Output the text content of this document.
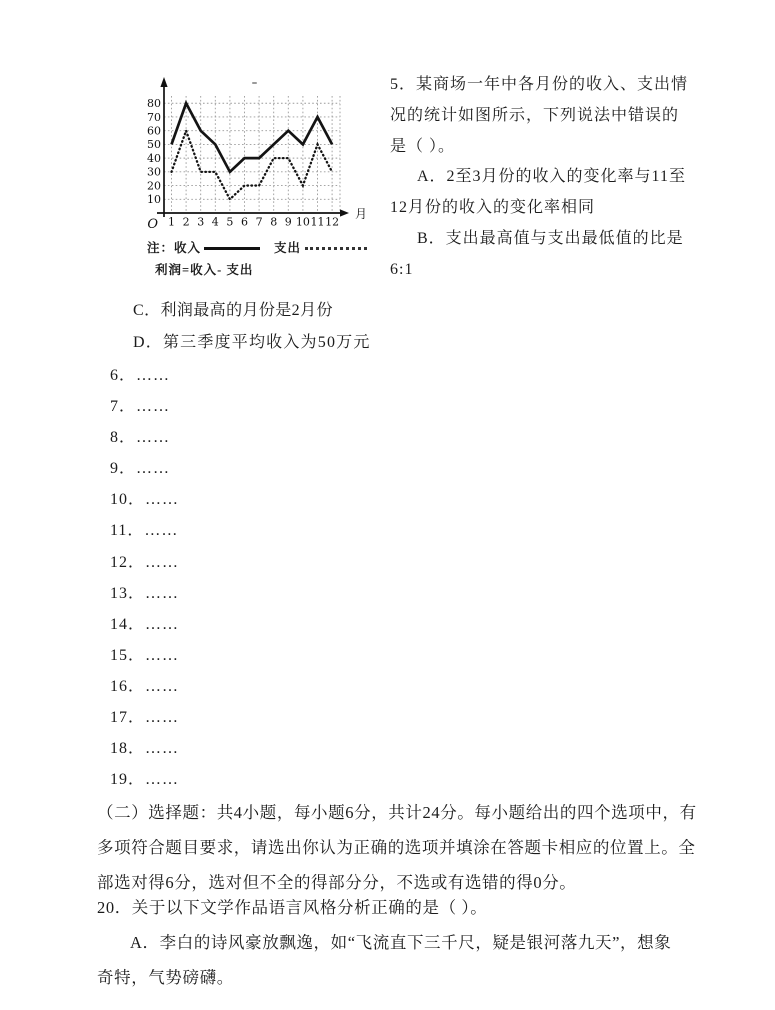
10
20
30
40
50
60
70
80
1 2 3 4 5 6 7 8 9 10 11 12
O
月
注：收入	支出
利润=收入- 支出
5．某商场一年中各月份的收入、支出情
况的统计如图所示，下列说法中错误的
是（ ）。
A．2至3月份的收入的变化率与11至
12月份的收入的变化率相同
B．支出最高值与支出最低值的比是
6:1
C．利润最高的月份是2月份
D．第三季度平均收入为50万元
6．……
7．……
8．……
9．……
10．……
11．……
12．……
13．……
14．……
15．……
16．……
17．……
18．……
19．……
（二）选择题：共4小题，每小题6分，共计24分。每小题给出的四个选项中，有
多项符合题目要求，请选出你认为正确的选项并填涂在答题卡相应的位置上。全
部选对得6分，选对但不全的得部分分，不选或有选错的得0分。
20．关于以下文学作品语言风格分析正确的是（ ）。
A．李白的诗风豪放飘逸，如“飞流直下三千尺，疑是银河落九天”，想象
奇特，气势磅礴。
